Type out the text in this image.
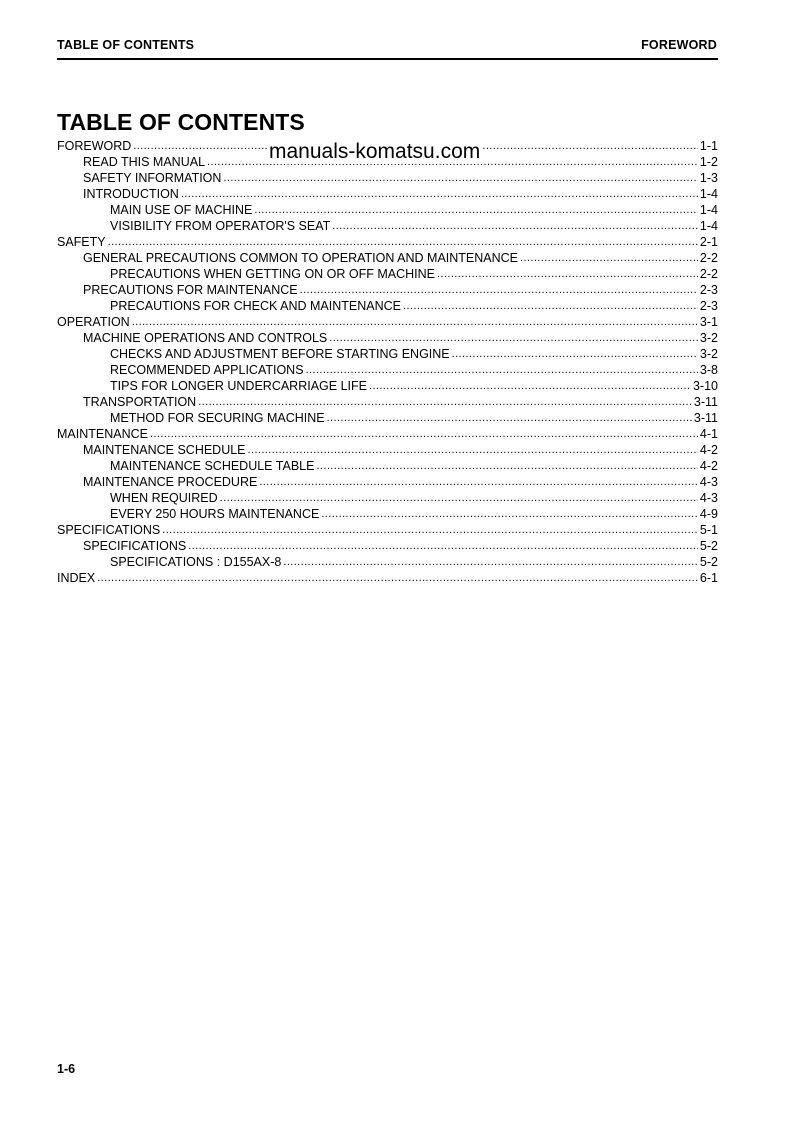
TABLE OF CONTENTS	FOREWORD
TABLE OF CONTENTS
manuals-komatsu.com
FOREWORD .....	1-1
READ THIS MANUAL .....	1-2
SAFETY INFORMATION .....	1-3
INTRODUCTION .....	1-4
MAIN USE OF MACHINE .....	1-4
VISIBILITY FROM OPERATOR'S SEAT .....	1-4
SAFETY .....	2-1
GENERAL PRECAUTIONS COMMON TO OPERATION AND MAINTENANCE .....	2-2
PRECAUTIONS WHEN GETTING ON OR OFF MACHINE .....	2-2
PRECAUTIONS FOR MAINTENANCE .....	2-3
PRECAUTIONS FOR CHECK AND MAINTENANCE .....	2-3
OPERATION .....	3-1
MACHINE OPERATIONS AND CONTROLS .....	3-2
CHECKS AND ADJUSTMENT BEFORE STARTING ENGINE .....	3-2
RECOMMENDED APPLICATIONS .....	3-8
TIPS FOR LONGER UNDERCARRIAGE LIFE .....	3-10
TRANSPORTATION .....	3-11
METHOD FOR SECURING MACHINE .....	3-11
MAINTENANCE .....	4-1
MAINTENANCE SCHEDULE .....	4-2
MAINTENANCE SCHEDULE TABLE .....	4-2
MAINTENANCE PROCEDURE .....	4-3
WHEN REQUIRED .....	4-3
EVERY 250 HOURS MAINTENANCE .....	4-9
SPECIFICATIONS .....	5-1
SPECIFICATIONS .....	5-2
SPECIFICATIONS : D155AX-8 .....	5-2
INDEX .....	6-1
1-6
